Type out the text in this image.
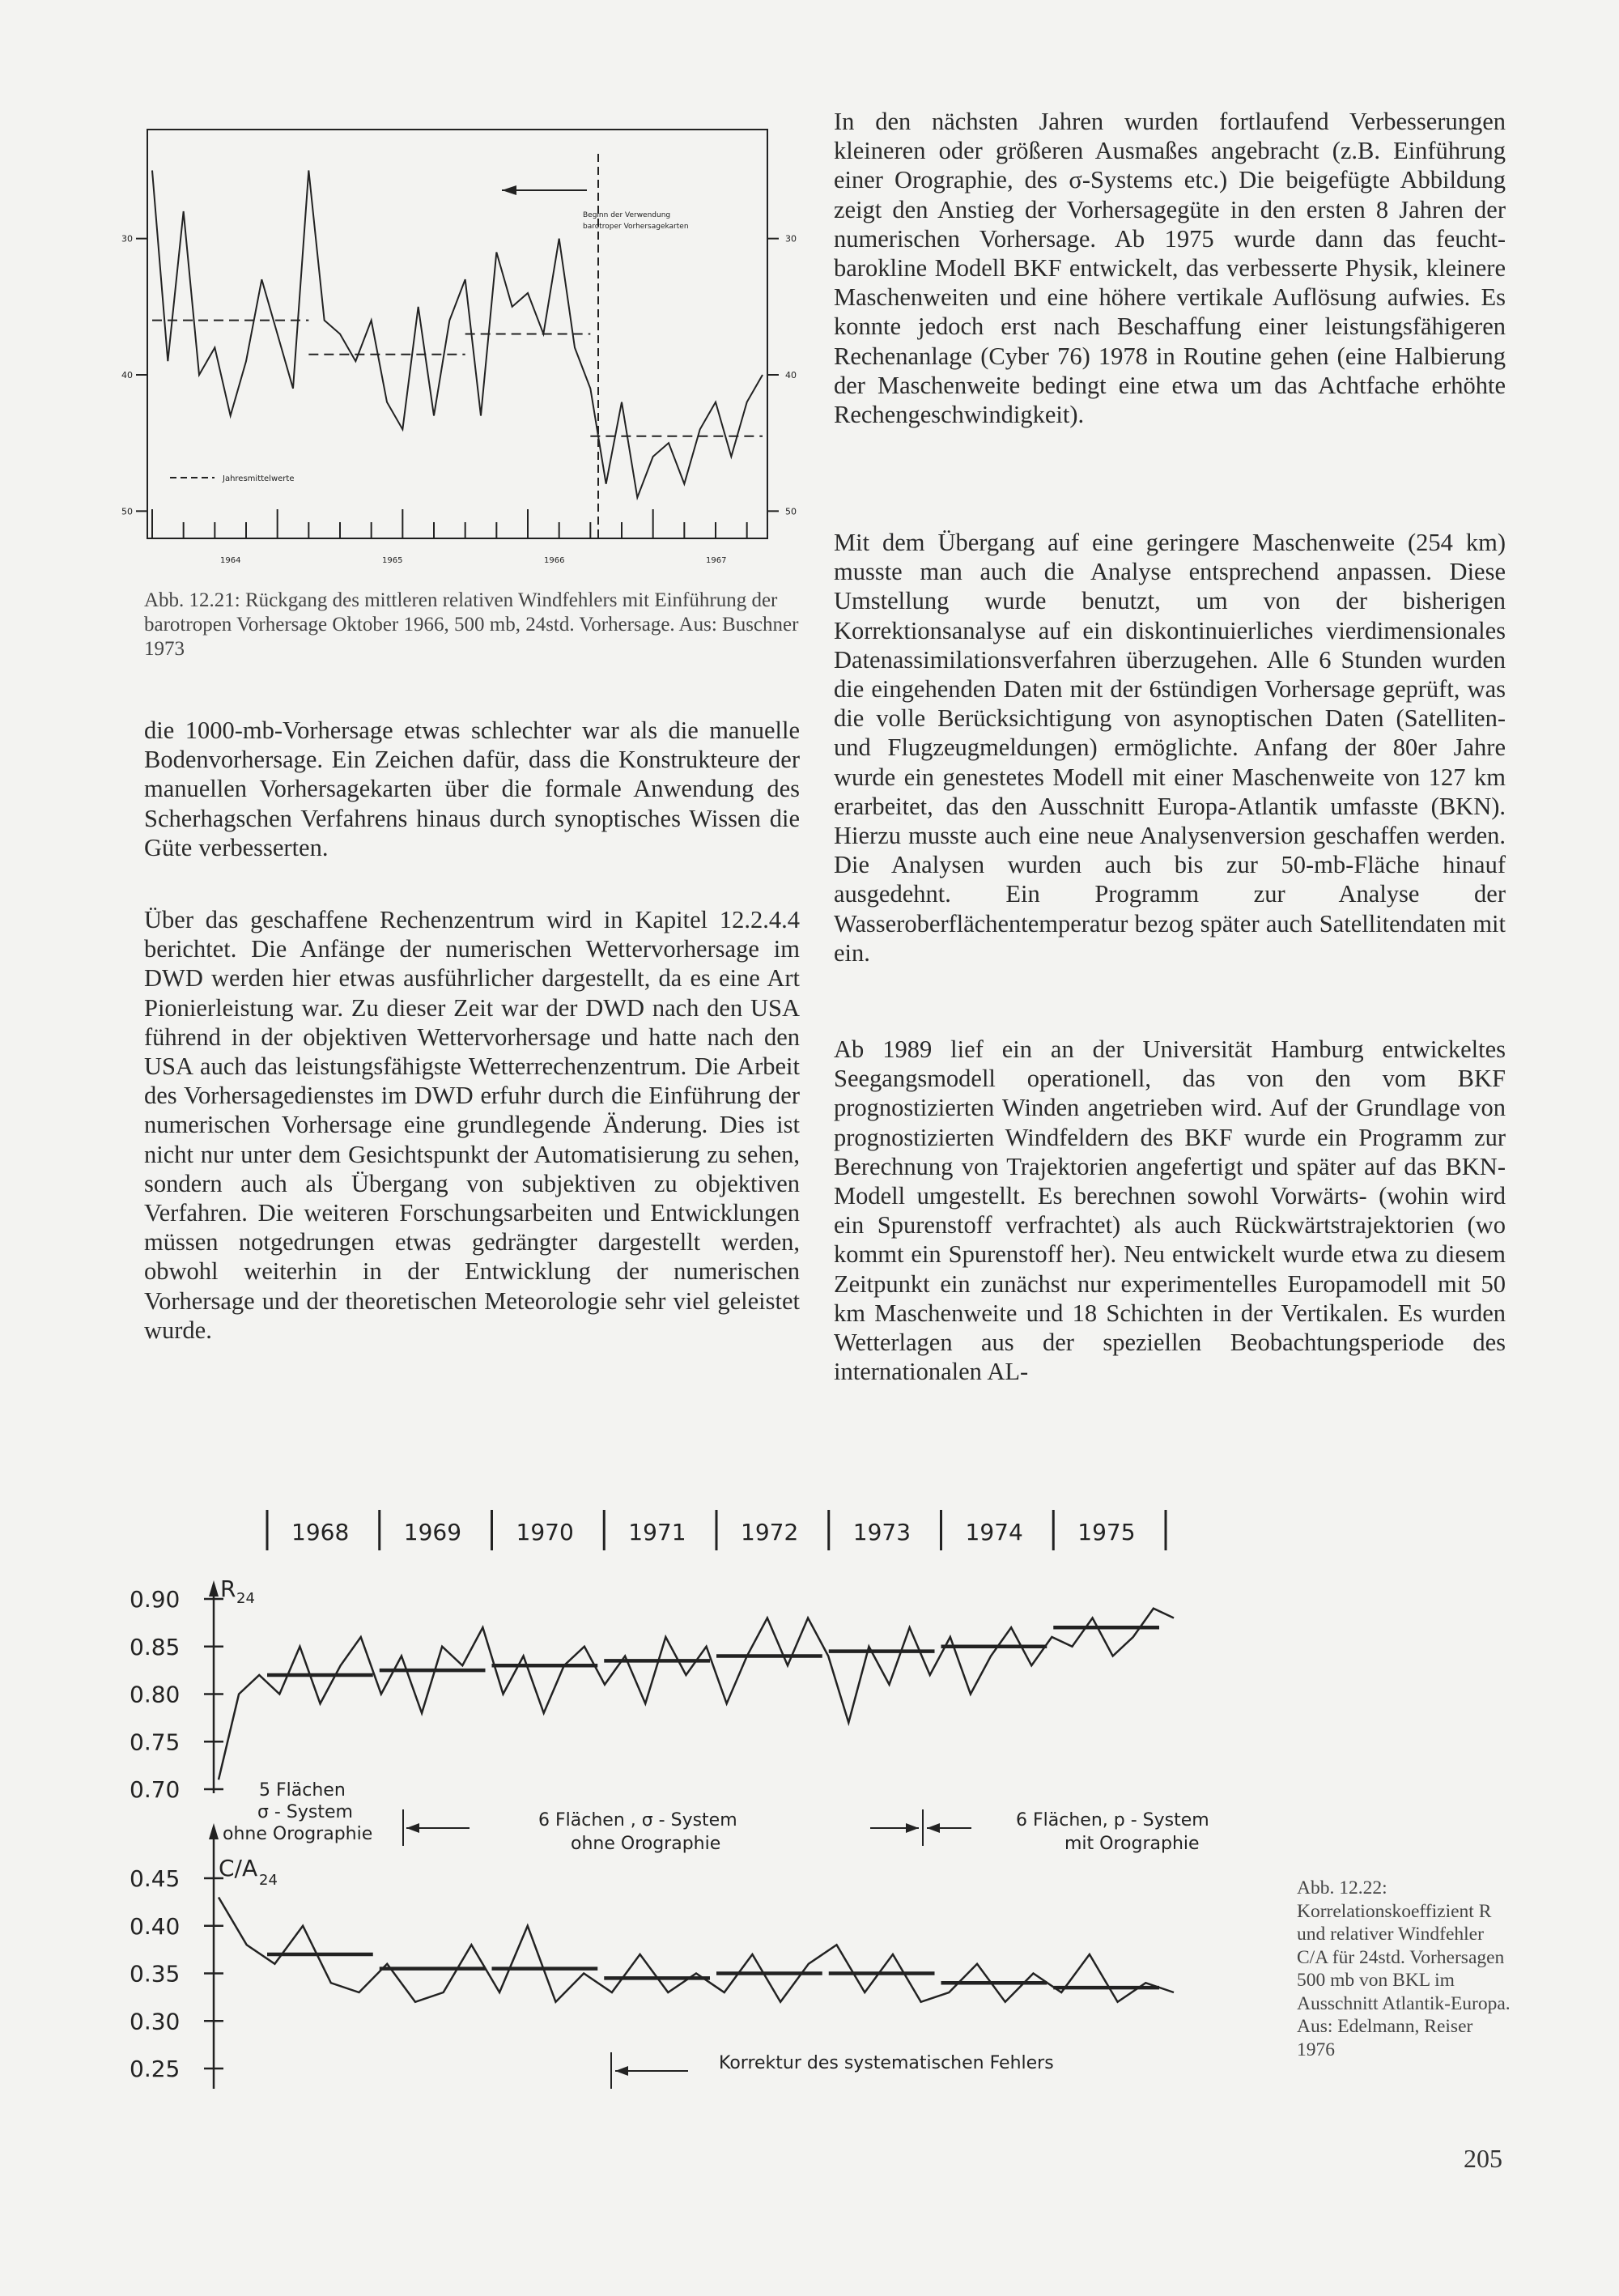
50	50
40	40
30	30
1964	1965	1966	1967
Beginn der Verwendung
barotroper Vorhersagekarten
Jahresmittelwerte

Abb. 12.21: Rückgang des mittleren relativen Windfehlers mit Einführung der barotropen Vorhersage Oktober 1966, 500 mb, 24std. Vorhersage. Aus: Buschner 1973

die 1000-mb-Vorhersage etwas schlechter war als die manuelle Bodenvorhersage. Ein Zeichen dafür, dass die Konstrukteure der manuellen Vorhersagekarten über die formale Anwendung des Scherhagschen Verfahrens hinaus durch synoptisches Wissen die Güte verbesserten.

Über das geschaffene Rechenzentrum wird in Kapitel 12.2.4.4 berichtet. Die Anfänge der numerischen Wettervorhersage im DWD werden hier etwas ausführlicher dargestellt, da es eine Art Pionierleistung war. Zu dieser Zeit war der DWD nach den USA führend in der objektiven Wettervorhersage und hatte nach den USA auch das leistungsfähigste Wetterrechenzentrum. Die Arbeit des Vorhersagedienstes im DWD erfuhr durch die Einführung der numerischen Vorhersage eine grundlegende Änderung. Dies ist nicht nur unter dem Gesichtspunkt der Automatisierung zu sehen, sondern auch als Übergang von subjektiven zu objektiven Verfahren. Die weiteren Forschungsarbeiten und Entwicklungen müssen notgedrungen etwas gedrängter dargestellt werden, obwohl weiterhin in der Entwicklung der numerischen Vorhersage und der theoretischen Meteorologie sehr viel geleistet wurde.

In den nächsten Jahren wurden fortlaufend Verbesserungen kleineren oder größeren Ausmaßes angebracht (z.B. Einführung einer Orographie, des σ-Systems etc.) Die beigefügte Abbildung zeigt den Anstieg der Vorhersagegüte in den ersten 8 Jahren der numerischen Vorhersage. Ab 1975 wurde dann das feucht-barokline Modell BKF entwickelt, das verbesserte Physik, kleinere Maschenweiten und eine höhere vertikale Auflösung aufwies. Es konnte jedoch erst nach Beschaffung einer leistungsfähigeren Rechenanlage (Cyber 76) 1978 in Routine gehen (eine Halbierung der Maschenweite bedingt eine etwa um das Achtfache erhöhte Rechengeschwindigkeit).

Mit dem Übergang auf eine geringere Maschenweite (254 km) musste man auch die Analyse entsprechend anpassen. Diese Umstellung wurde benutzt, um von der bisherigen Korrektionsanalyse auf ein diskontinuierliches vierdimensionales Datenassimilationsverfahren überzugehen. Alle 6 Stunden wurden die eingehenden Daten mit der 6stündigen Vorhersage geprüft, was die volle Berücksichtigung von asynoptischen Daten (Satelliten- und Flugzeugmeldungen) ermöglichte. Anfang der 80er Jahre wurde ein genestetes Modell mit einer Maschenweite von 127 km erarbeitet, das den Ausschnitt Europa-Atlantik umfasste (BKN). Hierzu musste auch eine neue Analysenversion geschaffen werden. Die Analysen wurden auch bis zur 50-mb-Fläche hinauf ausgedehnt. Ein Programm zur Analyse der Wasseroberflächentemperatur bezog später auch Satellitendaten mit ein.

Ab 1989 lief ein an der Universität Hamburg entwickeltes Seegangsmodell operationell, das von den vom BKF prognostizierten Winden angetrieben wird. Auf der Grundlage von prognostizierten Windfeldern des BKF wurde ein Programm zur Berechnung von Trajektorien angefertigt und später auf das BKN-Modell umgestellt. Es berechnen sowohl Vorwärts- (wohin wird ein Spurenstoff verfrachtet) als auch Rückwärtstrajektorien (wo kommt ein Spurenstoff her). Neu entwickelt wurde etwa zu diesem Zeitpunkt ein zunächst nur experimentelles Europamodell mit 50 km Maschenweite und 18 Schichten in der Vertikalen. Es wurden Wetterlagen aus der speziellen Beobachtungsperiode des internationalen AL-

1968 1969 1970 1971 1972 1973 1974 1975
R 24
0.90
0.85
0.80
0.75
0.70
C/A 24
0.45
0.40
0.35
0.30
0.25
5 Flächen
σ - System
ohne Orographie
6 Flächen , σ - System
ohne Orographie
6 Flächen, p - System
mit Orographie
Korrektur des systematischen Fehlers

Abb. 12.22: Korrelationskoeffizient R und relativer Windfehler C/A für 24std. Vorhersagen 500 mb von BKL im Ausschnitt Atlantik-Europa. Aus: Edelmann, Reiser 1976

205
